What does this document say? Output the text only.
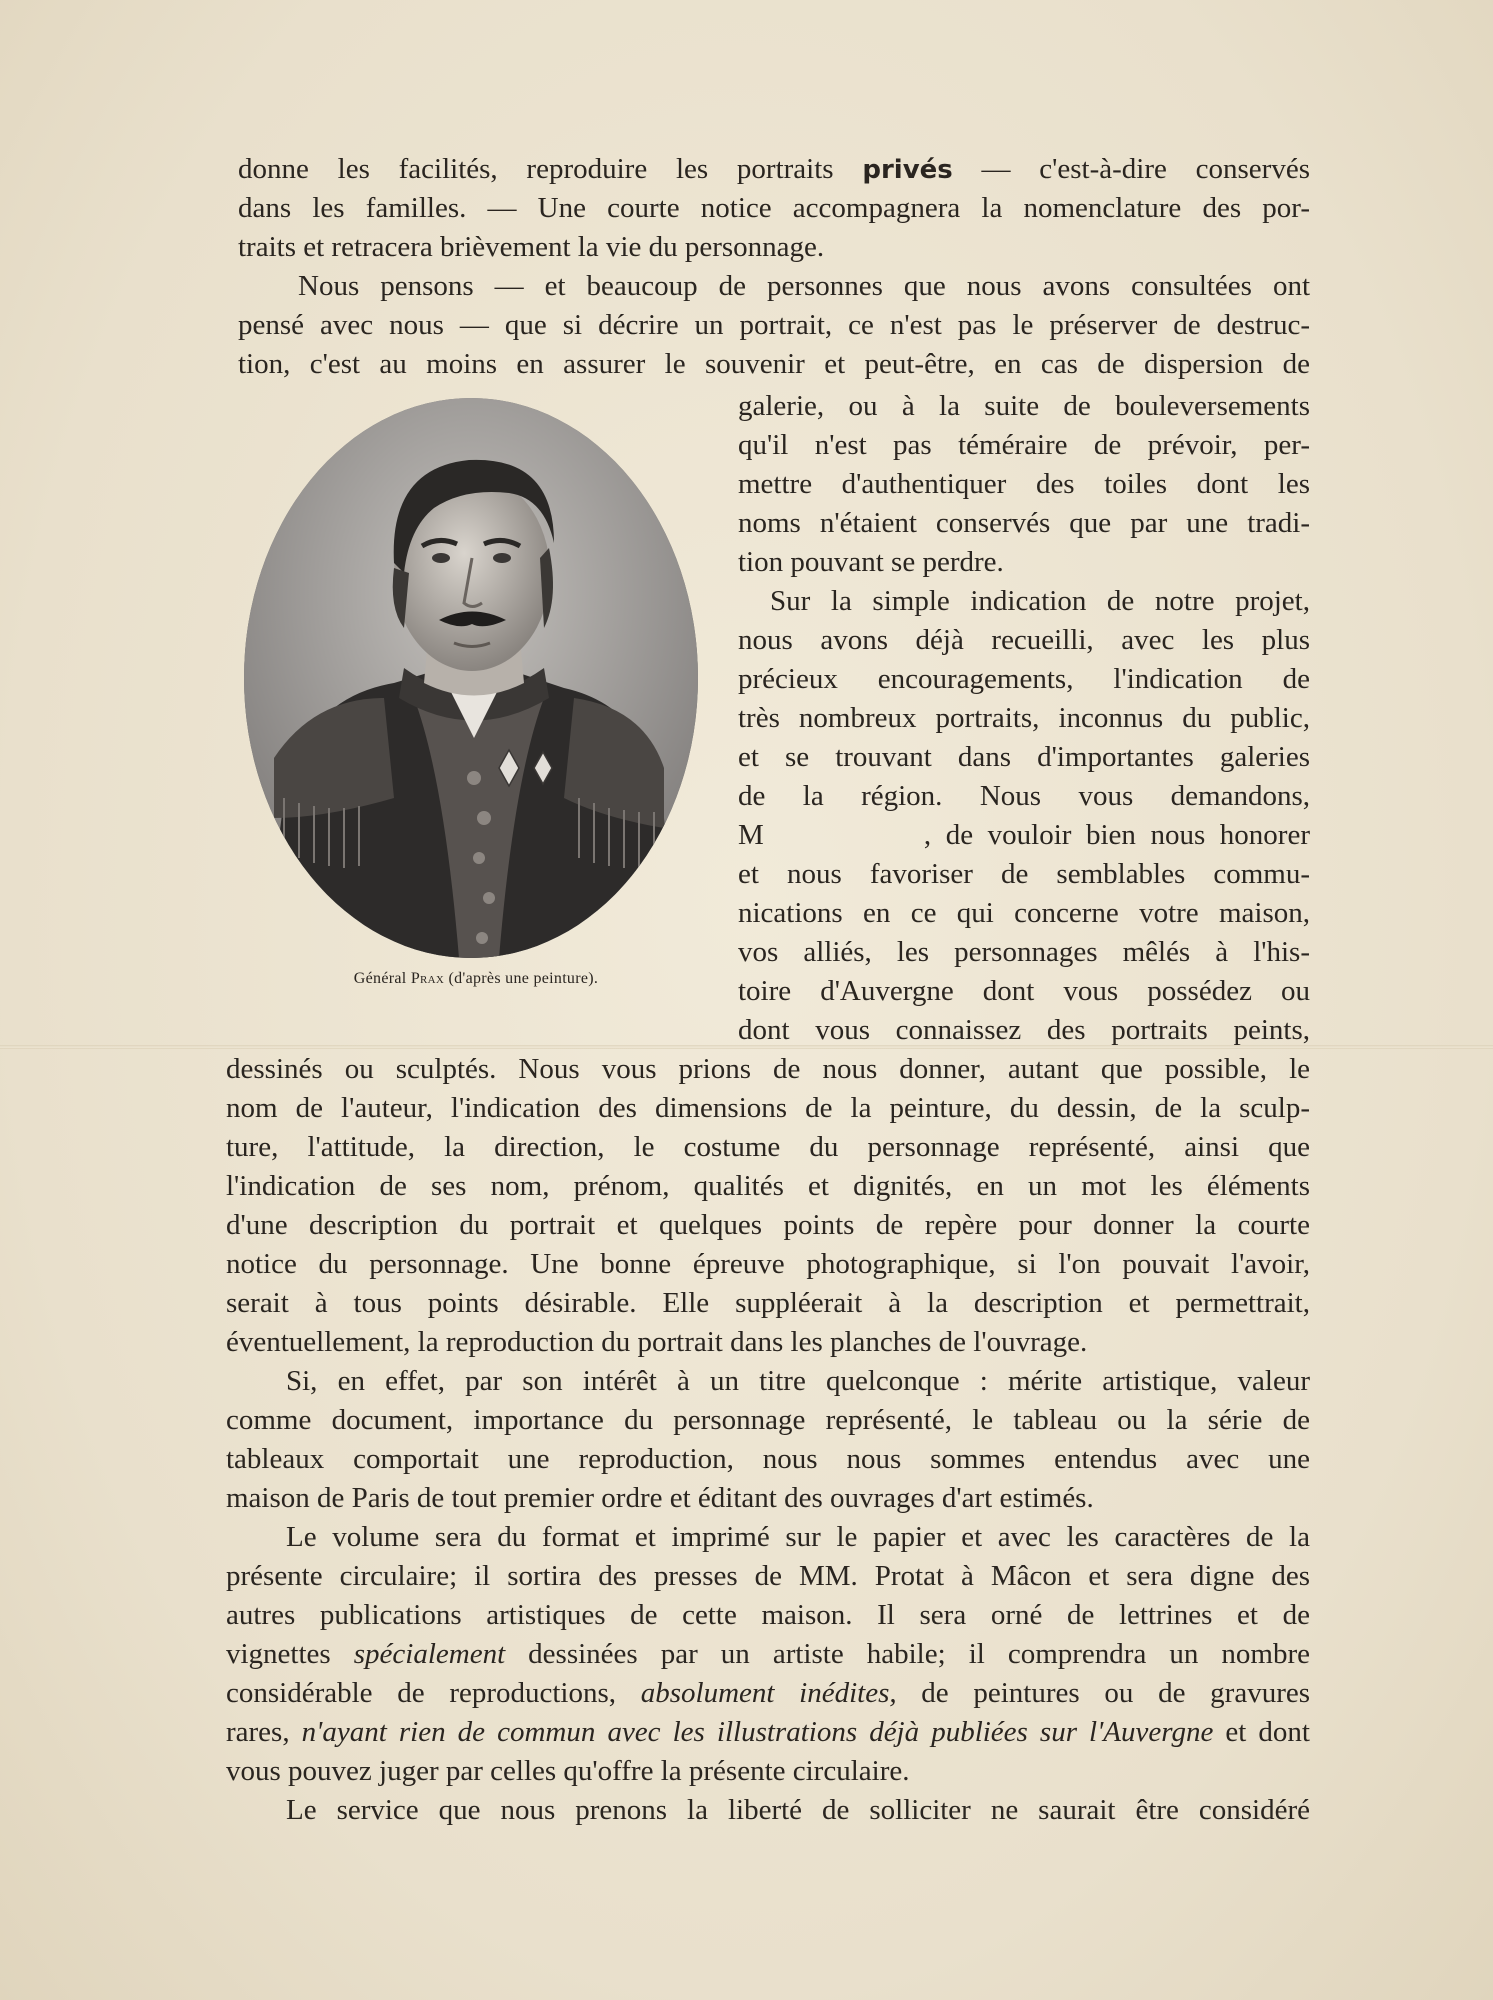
donne les facilités, reproduire les portraits privés — c'est-à-dire conservés
dans les familles. — Une courte notice accompagnera la nomenclature des por-
traits et retracera brièvement la vie du personnage.
Nous pensons — et beaucoup de personnes que nous avons consultées ont
pensé avec nous — que si décrire un portrait, ce n'est pas le préserver de destruc-
tion, c'est au moins en assurer le souvenir et peut-être, en cas de dispersion de
Général Prax (d'après une peinture).
galerie, ou à la suite de bouleversements
qu'il n'est pas téméraire de prévoir, per-
mettre d'authentiquer des toiles dont les
noms n'étaient conservés que par une tradi-
tion pouvant se perdre.
Sur la simple indication de notre projet,
nous avons déjà recueilli, avec les plus
précieux encouragements, l'indication de
très nombreux portraits, inconnus du public,
et se trouvant dans d'importantes galeries
de la région. Nous vous demandons,
M           , de vouloir bien nous honorer
et nous favoriser de semblables commu-
nications en ce qui concerne votre maison,
vos alliés, les personnages mêlés à l'his-
toire d'Auvergne dont vous possédez ou
dont vous connaissez des portraits peints,
dessinés ou sculptés. Nous vous prions de nous donner, autant que possible, le
nom de l'auteur, l'indication des dimensions de la peinture, du dessin, de la sculp-
ture, l'attitude, la direction, le costume du personnage représenté, ainsi que
l'indication de ses nom, prénom, qualités et dignités, en un mot les éléments
d'une description du portrait et quelques points de repère pour donner la courte
notice du personnage. Une bonne épreuve photographique, si l'on pouvait l'avoir,
serait à tous points désirable. Elle suppléerait à la description et permettrait,
éventuellement, la reproduction du portrait dans les planches de l'ouvrage.
Si, en effet, par son intérêt à un titre quelconque : mérite artistique, valeur
comme document, importance du personnage représenté, le tableau ou la série de
tableaux comportait une reproduction, nous nous sommes entendus avec une
maison de Paris de tout premier ordre et éditant des ouvrages d'art estimés.
Le volume sera du format et imprimé sur le papier et avec les caractères de la
présente circulaire; il sortira des presses de MM. Protat à Mâcon et sera digne des
autres publications artistiques de cette maison. Il sera orné de lettrines et de
vignettes spécialement dessinées par un artiste habile; il comprendra un nombre
considérable de reproductions, absolument inédites, de peintures ou de gravures
rares, n'ayant rien de commun avec les illustrations déjà publiées sur l'Auvergne et dont
vous pouvez juger par celles qu'offre la présente circulaire.
Le service que nous prenons la liberté de solliciter ne saurait être considéré
